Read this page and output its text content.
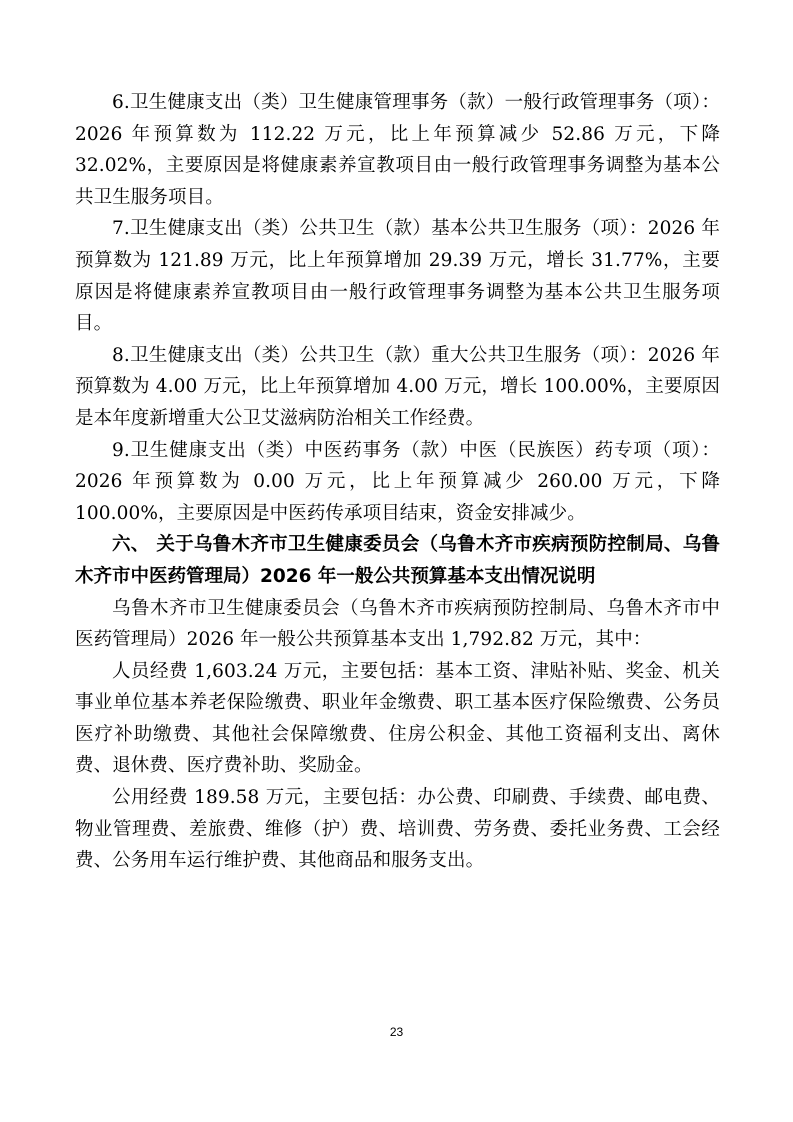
6.卫生健康支出（类）卫生健康管理事务（款）一般行政管理事务（项）：2026 年预算数为 112.22 万元，比上年预算减少 52.86 万元，下降 32.02%，主要原因是将健康素养宣教项目由一般行政管理事务调整为基本公共卫生服务项目。

7.卫生健康支出（类）公共卫生（款）基本公共卫生服务（项）：2026 年预算数为 121.89 万元，比上年预算增加 29.39 万元，增长 31.77%，主要原因是将健康素养宣教项目由一般行政管理事务调整为基本公共卫生服务项目。

8.卫生健康支出（类）公共卫生（款）重大公共卫生服务（项）：2026 年预算数为 4.00 万元，比上年预算增加 4.00 万元，增长 100.00%，主要原因是本年度新增重大公卫艾滋病防治相关工作经费。

9.卫生健康支出（类）中医药事务（款）中医（民族医）药专项（项）：2026 年预算数为 0.00 万元，比上年预算减少 260.00 万元，下降 100.00%，主要原因是中医药传承项目结束，资金安排减少。

六、 关于乌鲁木齐市卫生健康委员会（乌鲁木齐市疾病预防控制局、乌鲁木齐市中医药管理局）2026 年一般公共预算基本支出情况说明

乌鲁木齐市卫生健康委员会（乌鲁木齐市疾病预防控制局、乌鲁木齐市中医药管理局）2026 年一般公共预算基本支出 1,792.82 万元，其中：

人员经费 1,603.24 万元，主要包括：基本工资、津贴补贴、奖金、机关事业单位基本养老保险缴费、职业年金缴费、职工基本医疗保险缴费、公务员医疗补助缴费、其他社会保障缴费、住房公积金、其他工资福利支出、离休费、退休费、医疗费补助、奖励金。

公用经费 189.58 万元，主要包括：办公费、印刷费、手续费、邮电费、物业管理费、差旅费、维修（护）费、培训费、劳务费、委托业务费、工会经费、公务用车运行维护费、其他商品和服务支出。

23
